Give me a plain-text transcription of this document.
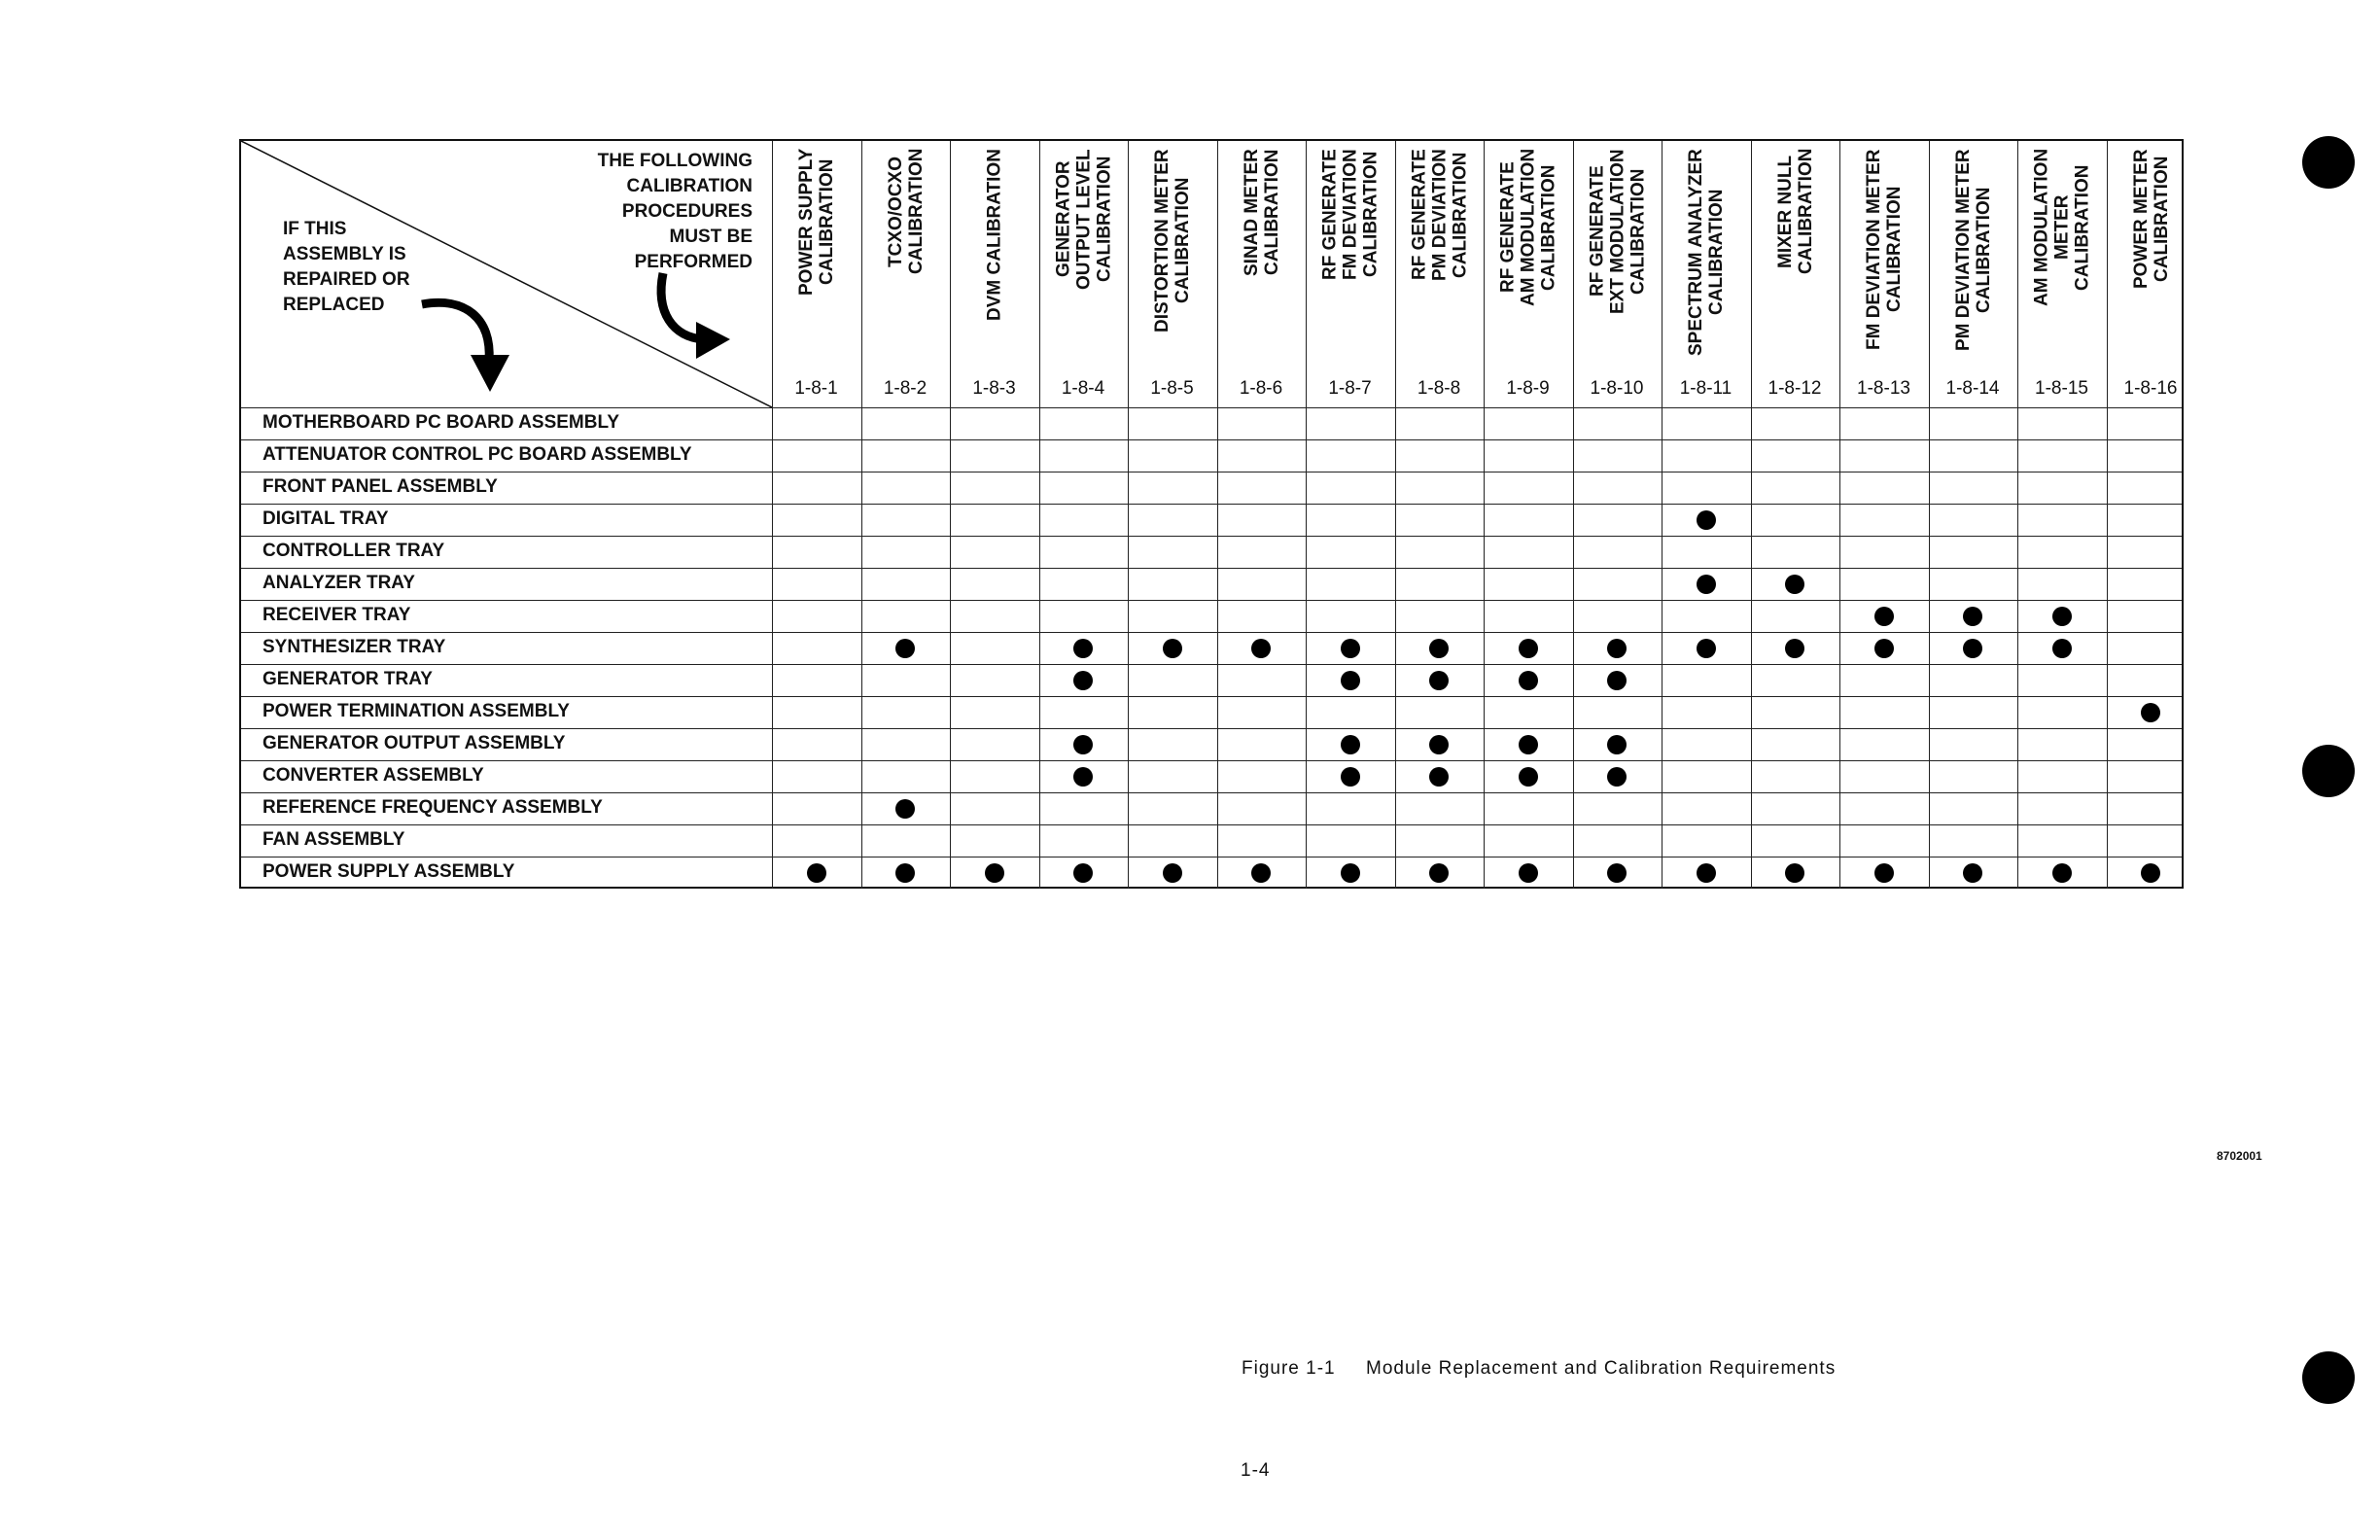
THE FOLLOWING
CALIBRATION
PROCEDURES
MUST BE
PERFORMED
IF THIS
ASSEMBLY IS
REPAIRED OR
REPLACED
POWER SUPPLY
CALIBRATION
1-8-1
TCXO/OCXO
CALIBRATION
1-8-2
DVM CALIBRATION
1-8-3
GENERATOR
OUTPUT LEVEL
CALIBRATION
1-8-4
DISTORTION METER
CALIBRATION
1-8-5
SINAD METER
CALIBRATION
1-8-6
RF GENERATE
FM DEVIATION
CALIBRATION
1-8-7
RF GENERATE
PM DEVIATION
CALIBRATION
1-8-8
RF GENERATE
AM MODULATION
CALIBRATION
1-8-9
RF GENERATE
EXT MODULATION
CALIBRATION
1-8-10
SPECTRUM ANALYZER
CALIBRATION
1-8-11
MIXER NULL
CALIBRATION
1-8-12
FM DEVIATION METER
CALIBRATION
1-8-13
PM DEVIATION METER
CALIBRATION
1-8-14
AM MODULATION
METER
CALIBRATION
1-8-15
POWER METER
CALIBRATION
1-8-16
MOTHERBOARD PC BOARD ASSEMBLY
ATTENUATOR CONTROL PC BOARD ASSEMBLY
FRONT PANEL ASSEMBLY
DIGITAL TRAY
CONTROLLER TRAY
ANALYZER TRAY
RECEIVER TRAY
SYNTHESIZER TRAY
GENERATOR TRAY
POWER TERMINATION ASSEMBLY
GENERATOR OUTPUT ASSEMBLY
CONVERTER ASSEMBLY
REFERENCE FREQUENCY ASSEMBLY
FAN ASSEMBLY
POWER SUPPLY ASSEMBLY
8702001
Figure 1-1 Module Replacement and Calibration Requirements
1-4
